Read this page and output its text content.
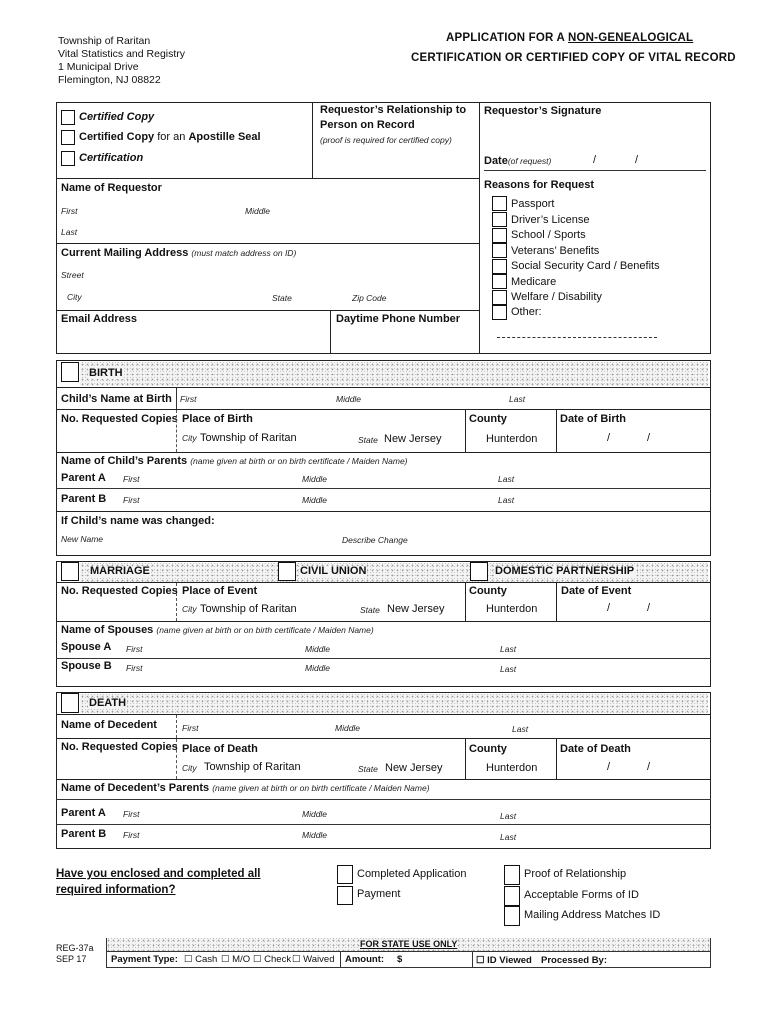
Township of Raritan
Vital Statistics and Registry
1 Municipal Drive
Flemington, NJ 08822
APPLICATION FOR A NON-GENEALOGICAL
CERTIFICATION OR CERTIFIED COPY OF VITAL RECORD
Certified Copy
Certified Copy for an Apostille Seal
Certification
Requestor’s Relationship to
Person on Record
(proof is required for certified copy)
Requestor’s Signature
Date(of request)	/	/
Name of Requestor
First	Middle
Last
Current Mailing Address (must match address on ID)
Street
City	State	Zip Code
Email Address	Daytime Phone Number
Reasons for Request
Passport
Driver’s License
School / Sports
Veterans’ Benefits
Social Security Card / Benefits
Medicare
Welfare / Disability
Other:
BIRTH
Child’s Name at Birth First	Middle	Last
No. Requested Copies Place of Birth
City Township of Raritan	State New Jersey
County
Hunterdon
Date of Birth
/	/
Name of Child’s Parents (name given at birth or on birth certificate / Maiden Name)
Parent A First	Middle	Last
Parent B First	Middle	Last
If Child’s name was changed:
New Name	Describe Change
MARRIAGE	CIVIL UNION	DOMESTIC PARTNERSHIP
No. Requested Copies Place of Event
City Township of Raritan	State New Jersey
County
Hunterdon
Date of Event
/	/
Name of Spouses (name given at birth or on birth certificate / Maiden Name)
Spouse A First	Middle	Last
Spouse B First	Middle	Last
DEATH
Name of Decedent	First	Middle	Last
No. Requested Copies Place of Death
City Township of Raritan	State New Jersey
County
Hunterdon
Date of Death
/	/
Name of Decedent’s Parents (name given at birth or on birth certificate / Maiden Name)
Parent A First	Middle	Last
Parent B First	Middle	Last
Have you enclosed and completed all
required information?
Completed Application
Payment
Proof of Relationship
Acceptable Forms of ID
Mailing Address Matches ID
REG-37a
SEP 17
FOR STATE USE ONLY
Payment Type: ☐ Cash ☐ M/O ☐ Check ☐ Waived Amount: $	☐ ID Viewed Processed By:
